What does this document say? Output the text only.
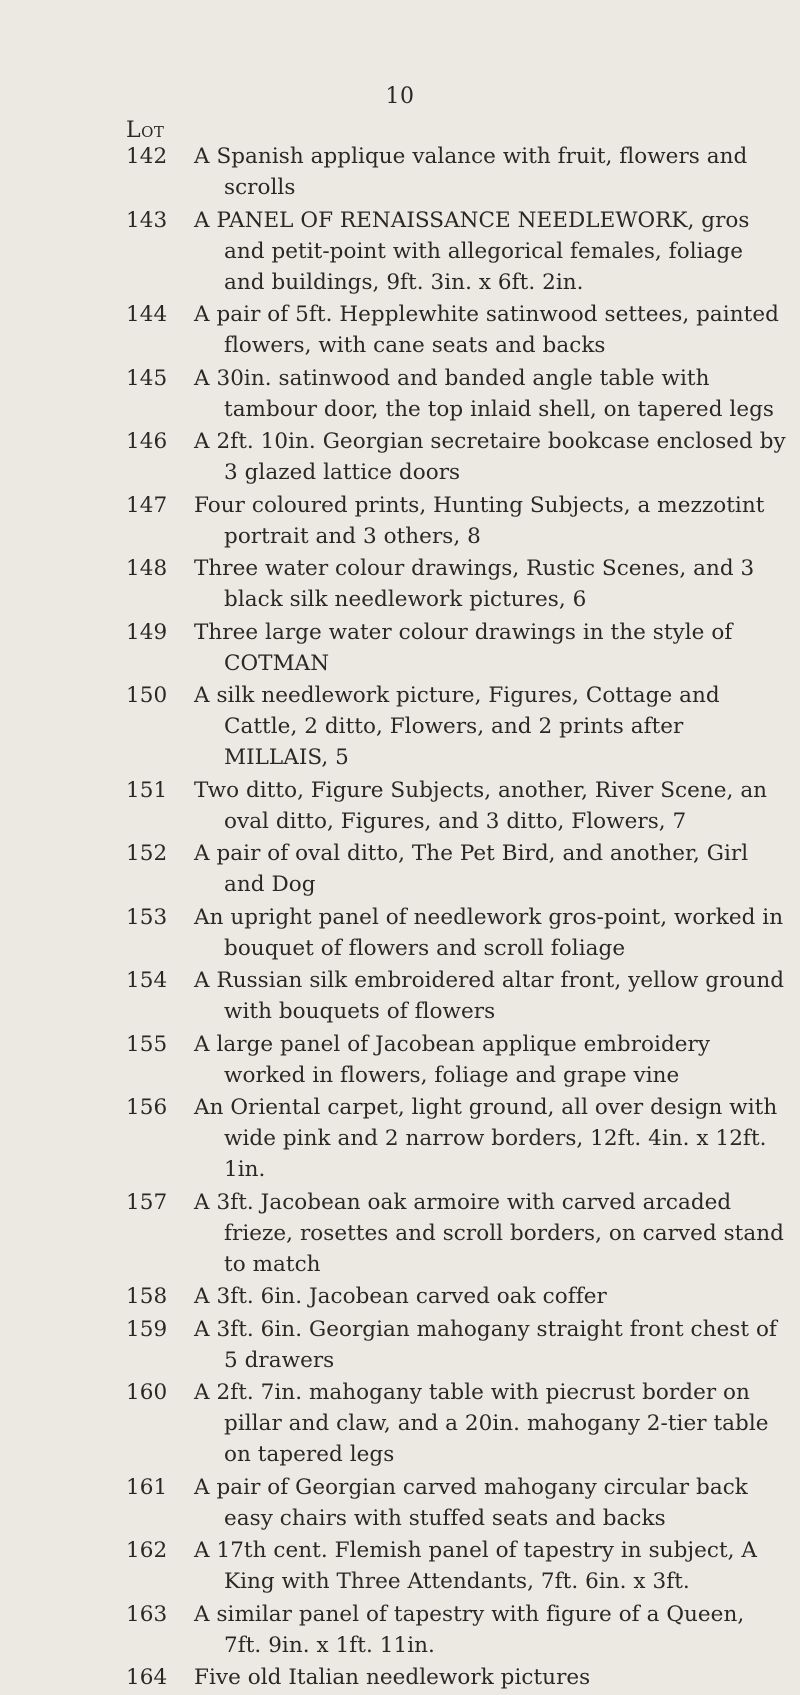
10
Lot
142	A Spanish applique valance with fruit, flowers and scrolls
143	A PANEL OF RENAISSANCE NEEDLEWORK, gros and petit-point with allegorical females, foliage and buildings, 9ft. 3in. x 6ft. 2in.
144	A pair of 5ft. Hepplewhite satinwood settees, painted flowers, with cane seats and backs
145	A 30in. satinwood and banded angle table with tambour door, the top inlaid shell, on tapered legs
146	A 2ft. 10in. Georgian secretaire bookcase enclosed by 3 glazed lattice doors
147	Four coloured prints, Hunting Subjects, a mezzotint portrait and 3 others, 8
148	Three water colour drawings, Rustic Scenes, and 3 black silk needlework pictures, 6
149	Three large water colour drawings in the style of COTMAN
150	A silk needlework picture, Figures, Cottage and Cattle, 2 ditto, Flowers, and 2 prints after MILLAIS, 5
151	Two ditto, Figure Subjects, another, River Scene, an oval ditto, Figures, and 3 ditto, Flowers, 7
152	A pair of oval ditto, The Pet Bird, and another, Girl and Dog
153	An upright panel of needlework gros-point, worked in bouquet of flowers and scroll foliage
154	A Russian silk embroidered altar front, yellow ground with bouquets of flowers
155	A large panel of Jacobean applique embroidery worked in flowers, foliage and grape vine
156	An Oriental carpet, light ground, all over design with wide pink and 2 narrow borders, 12ft. 4in. x 12ft. 1in.
157	A 3ft. Jacobean oak armoire with carved arcaded frieze, rosettes and scroll borders, on carved stand to match
158	A 3ft. 6in. Jacobean carved oak coffer
159	A 3ft. 6in. Georgian mahogany straight front chest of 5 drawers
160	A 2ft. 7in. mahogany table with piecrust border on pillar and claw, and a 20in. mahogany 2-tier table on tapered legs
161	A pair of Georgian carved mahogany circular back easy chairs with stuffed seats and backs
162	A 17th cent. Flemish panel of tapestry in subject, A King with Three Attendants, 7ft. 6in. x 3ft.
163	A similar panel of tapestry with figure of a Queen, 7ft. 9in. x 1ft. 11in.
164	Five old Italian needlework pictures
